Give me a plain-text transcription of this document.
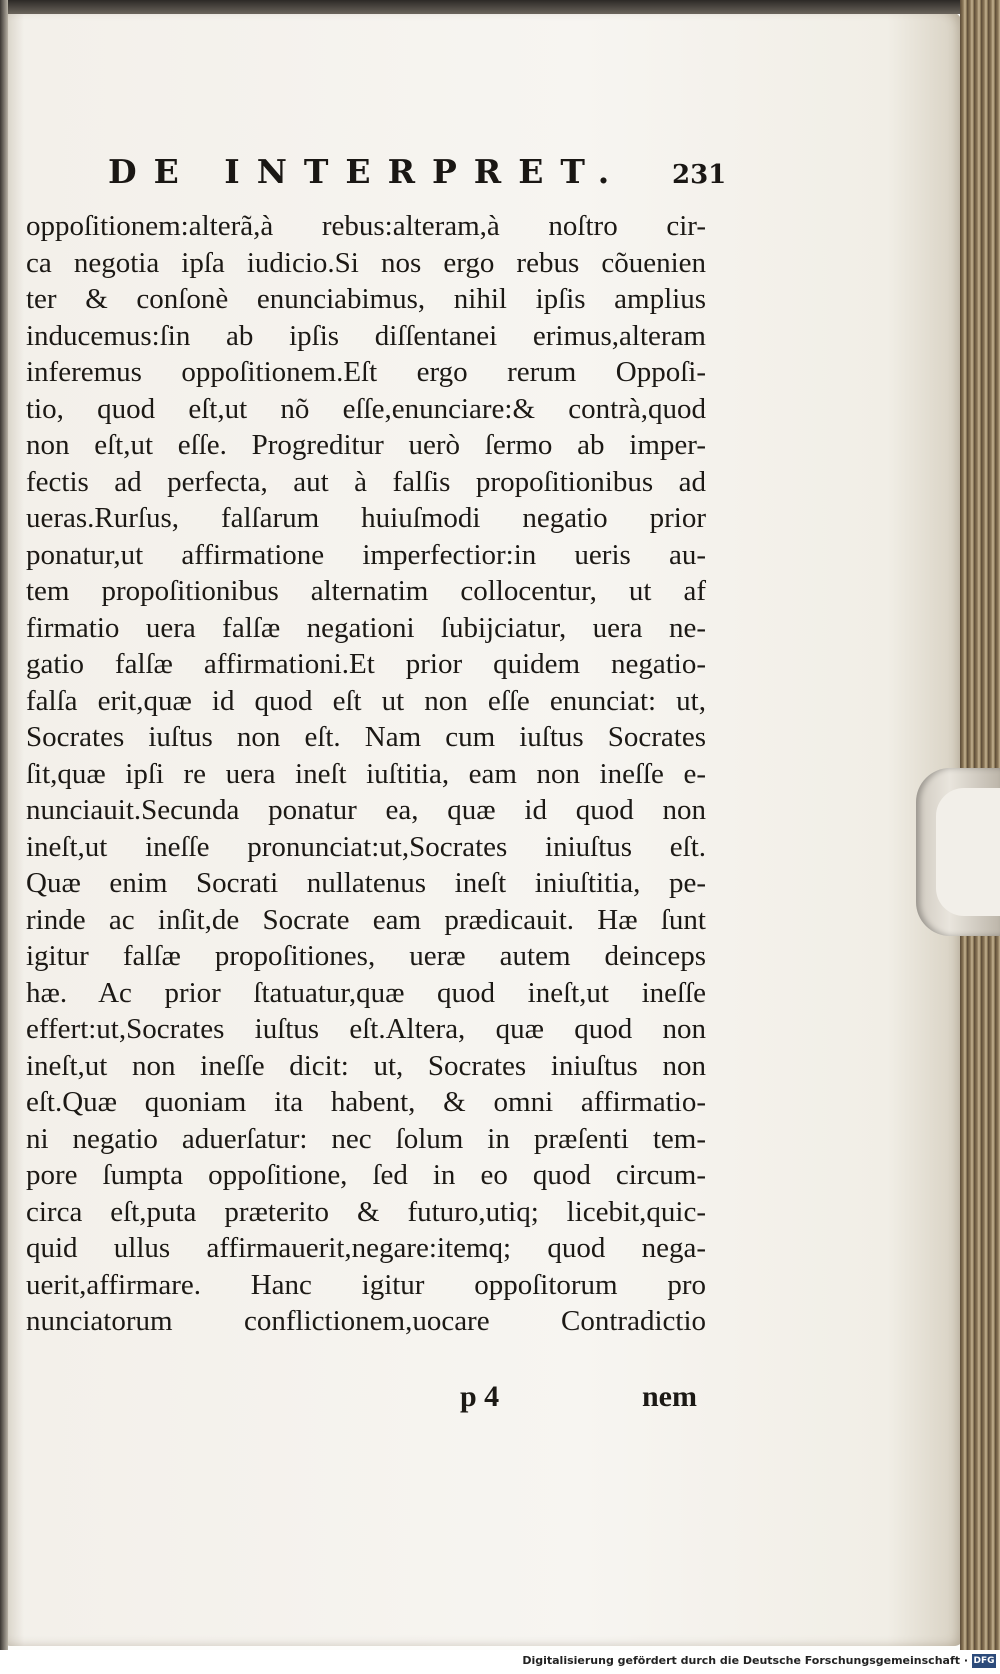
DE INTERPRET.	231
oppoſitionem:alterã,à rebus:alteram,à noſtro cir-
ca negotia ipſa iudicio.Si nos ergo rebus cõuenien
ter & conſonè enunciabimus, nihil ipſis amplius
inducemus:ſin ab ipſis diſſentanei erimus,alteram
inferemus oppoſitionem.Eſt ergo rerum Oppoſi-
tio, quod eſt,ut nõ eſſe,enunciare:& contrà,quod
non eſt,ut eſſe. Progreditur uerò ſermo ab imper-
fectis ad perfecta, aut à falſis propoſitionibus ad
ueras.Rurſus, falſarum huiuſmodi negatio prior
ponatur,ut affirmatione imperfectior:in ueris au-
tem propoſitionibus alternatim collocentur, ut af
firmatio uera falſæ negationi ſubijciatur, uera ne-
gatio falſæ affirmationi.Et prior quidem negatio-
falſa erit,quæ id quod eſt ut non eſſe enunciat: ut,
Socrates iuſtus non eſt. Nam cum iuſtus Socrates
ſit,quæ ipſi re uera ineſt iuſtitia, eam non ineſſe e-
nunciauit.Secunda ponatur ea, quæ id quod non
ineſt,ut ineſſe pronunciat:ut,Socrates iniuſtus eſt.
Quæ enim Socrati nullatenus ineſt iniuſtitia, pe-
rinde ac inſit,de Socrate eam prædicauit. Hæ ſunt
igitur falſæ propoſitiones, ueræ autem deinceps
hæ. Ac prior ſtatuatur,quæ quod ineſt,ut ineſſe
effert:ut,Socrates iuſtus eſt.Altera, quæ quod non
ineſt,ut non ineſſe dicit: ut, Socrates iniuſtus non
eſt.Quæ quoniam ita habent, & omni affirmatio-
ni negatio aduerſatur: nec ſolum in præſenti tem-
pore ſumpta oppoſitione, ſed in eo quod circum-
circa eſt,puta præterito & futuro,utiq; licebit,quic-
quid ullus affirmauerit,negare:itemq; quod nega-
uerit,affirmare. Hanc igitur oppoſitorum pro
nunciatorum conflictionem,uocare Contradictio
p 4	nem
Digitalisierung gefördert durch die Deutsche Forschungsgemeinschaft · DFG
